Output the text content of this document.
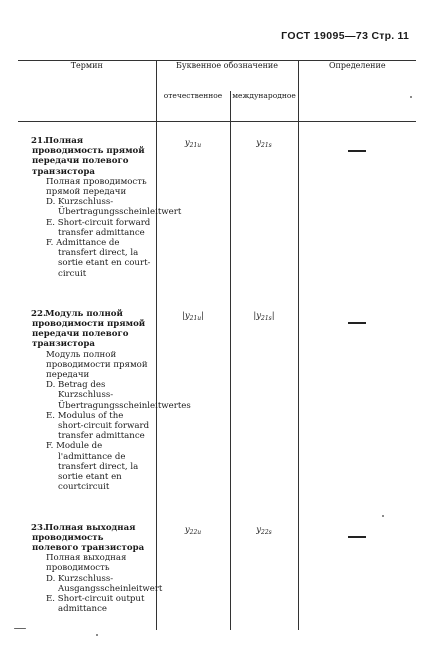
ГОСТ 19095—73 Стр. 11
Термин	Буквенное обозначение		Определение
	отечественное	международное	
21.Полная проводимость прямой передачи полевого транзистора
Полная проводимость прямой передачи
D. Kurzschluss-Übertragungsscheinleitwert
E. Short-circuit forward transfer admittance
F. Admittance de transfert direct, la sortie etant en court-circuit	$y_{21и}$	$y_{21s}$	
22.Модуль полной проводимости прямой передачи полевого транзистора
Модуль полной проводимости прямой передачи
D. Betrag des Kurzschluss-Übertragungsscheinleitwertes
E. Modulus of the short-circuit forward transfer admittance
F. Module de l'admittance de transfert direct, la sortie etant en courtcircuit	$|y_{21и}|$	$|y_{21s}|$	
23.Полная выходная проводимость полевого транзистора
Полная выходная проводимость
D. Kurzschluss-Ausgangsscheinleitwert
E. Short-circuit output admittance	$y_{22и}$	$y_{22s}$	
